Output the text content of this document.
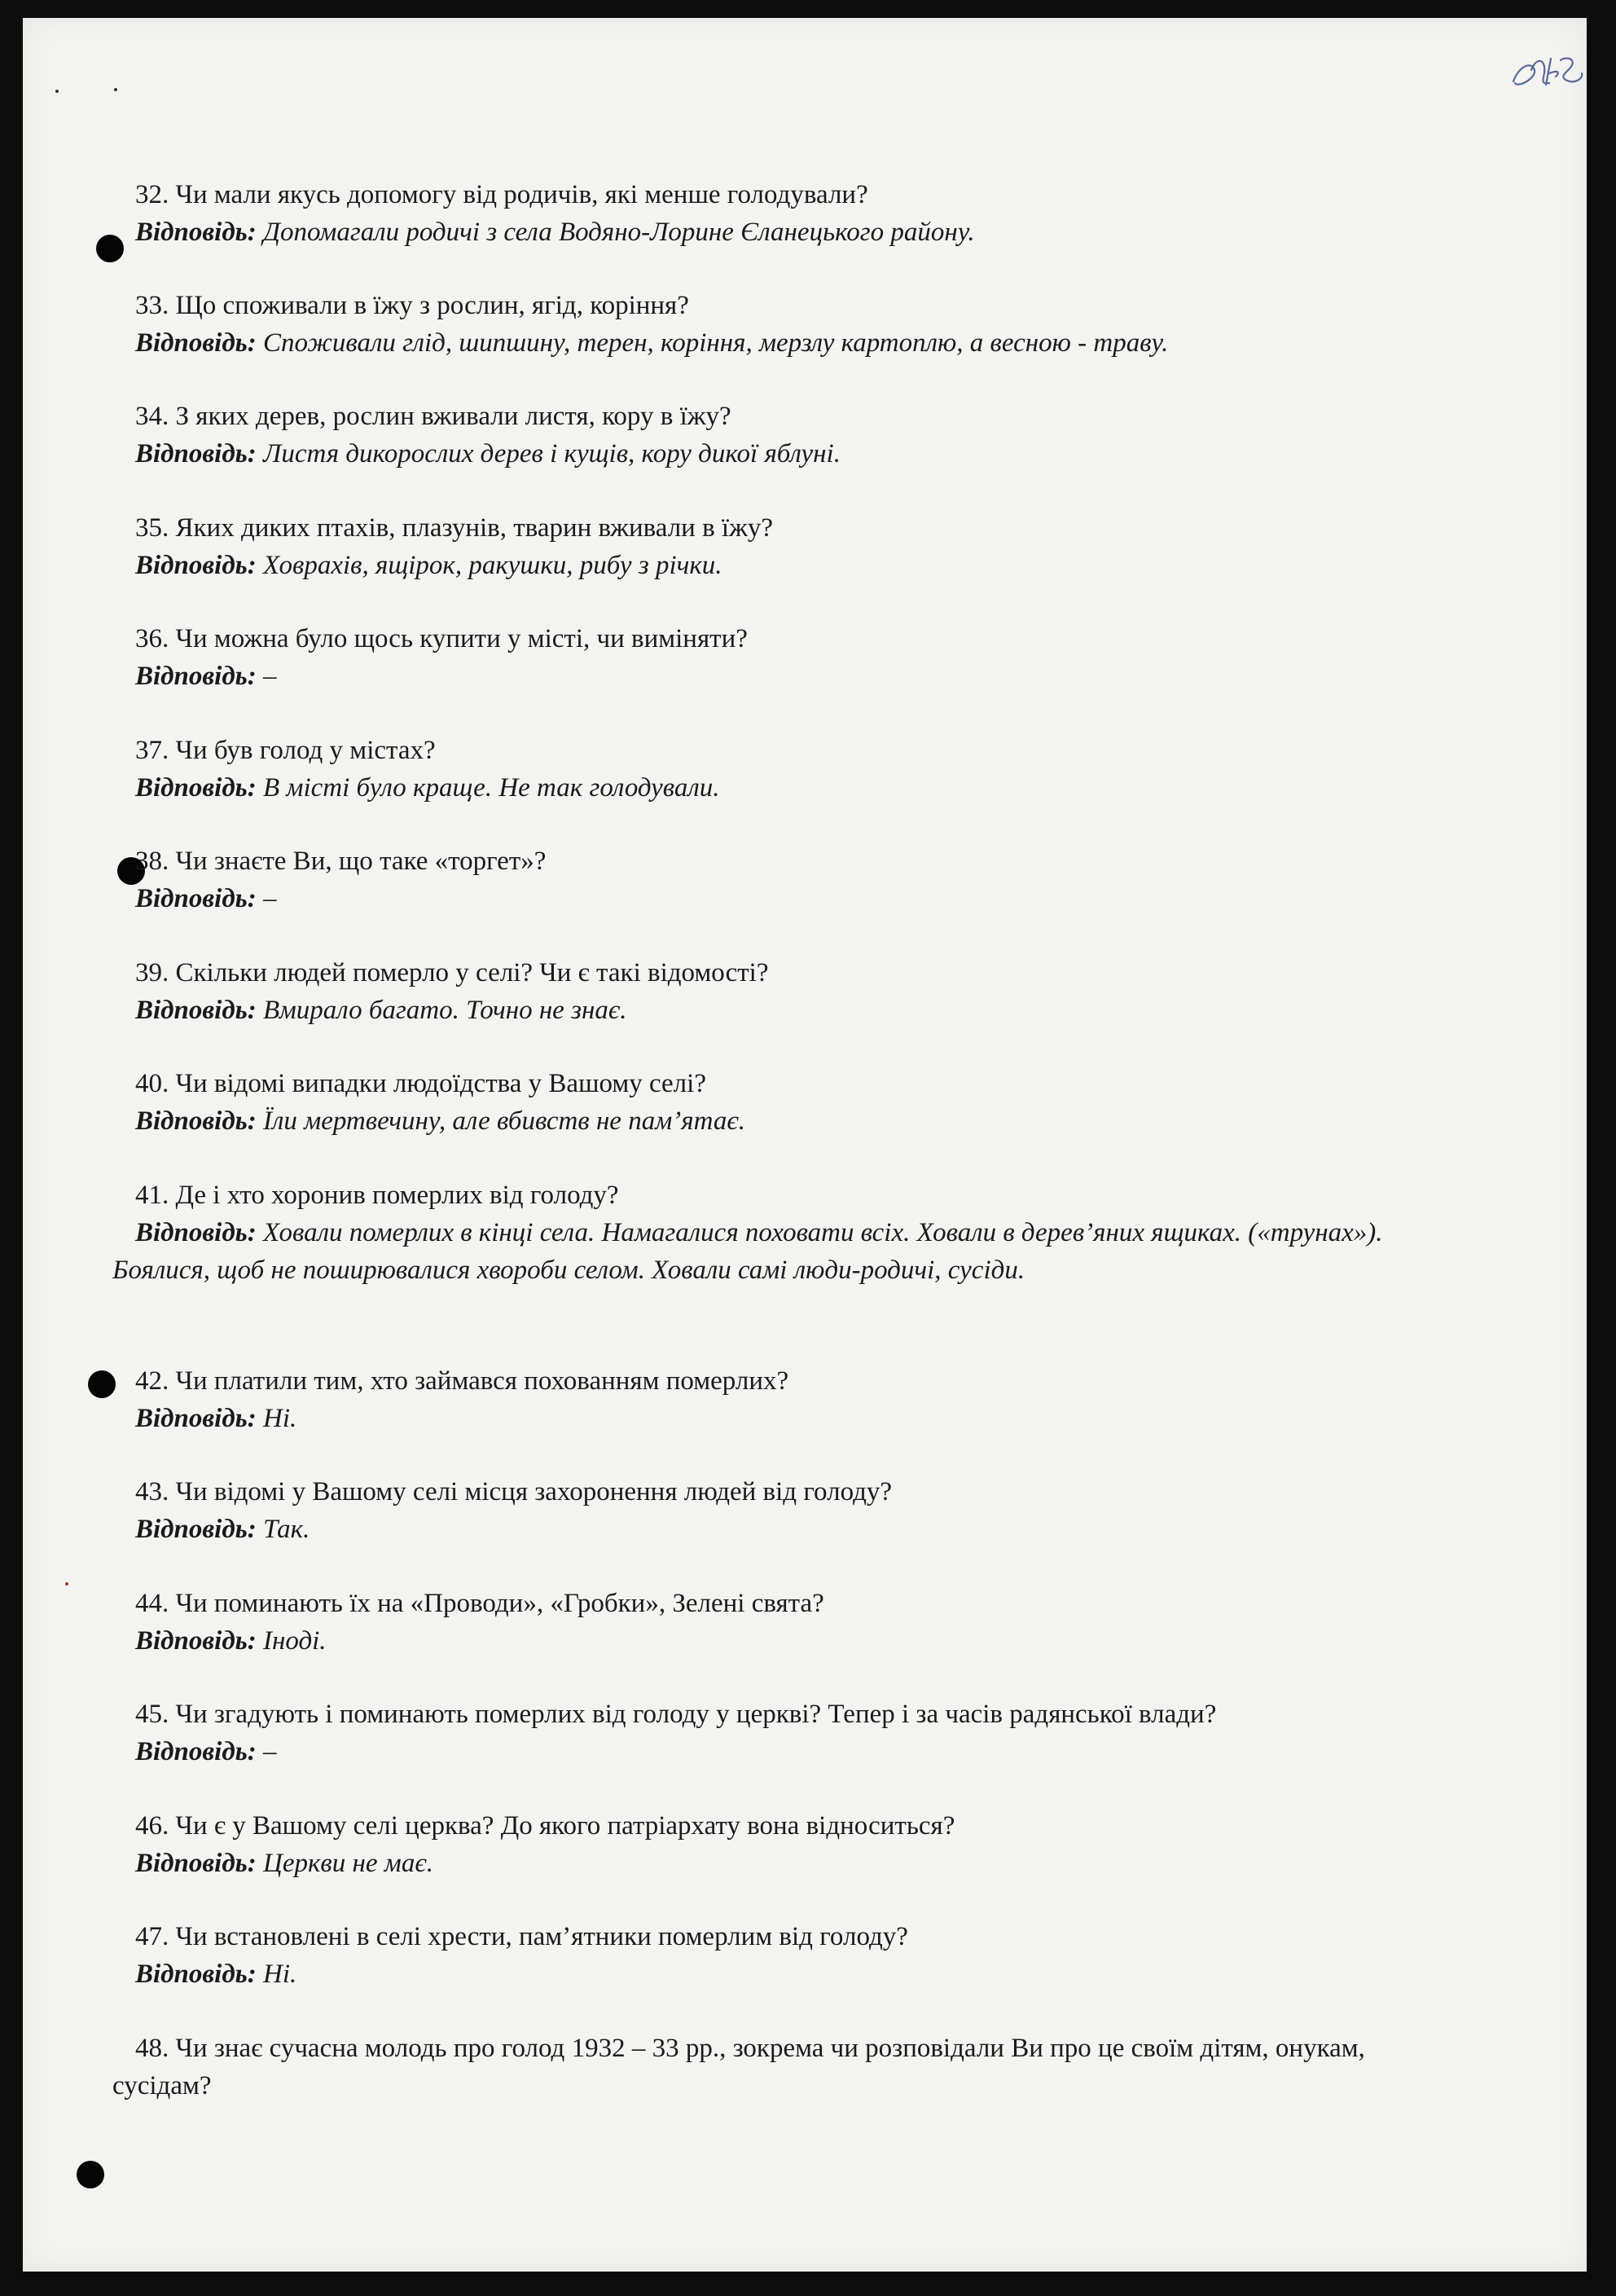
32. Чи мали якусь допомогу від родичів, які менше голодували?

Відповідь: Допомагали родичі з села Водяно-Лорине Єланецького району.

33. Що споживали в їжу з рослин, ягід, коріння?

Відповідь: Споживали глід, шипшину, терен, коріння, мерзлу картоплю, а весною - траву.

34. З яких дерев, рослин вживали листя, кору в їжу?

Відповідь: Листя дикорослих дерев і кущів, кору дикої яблуні.

35. Яких диких птахів, плазунів, тварин вживали в їжу?

Відповідь: Ховрахів, ящірок, ракушки, рибу з річки.

36. Чи можна було щось купити у місті, чи виміняти?

Відповідь: –

37. Чи був голод у містах?

Відповідь: В місті було краще. Не так голодували.

38. Чи знаєте Ви, що таке «торгет»?

Відповідь: –

39. Скільки людей померло у селі? Чи є такі відомості?

Відповідь: Вмирало багато. Точно не знає.

40. Чи відомі випадки людоїдства у Вашому селі?

Відповідь: Їли мертвечину, але вбивств не пам’ятає.

41. Де і хто хоронив померлих від голоду?

Відповідь: Ховали померлих в кінці села. Намагалися поховати всіх. Ховали в дерев’яних ящиках. («трунах»). Боялися, щоб не поширювалися хвороби селом. Ховали самі люди-родичі, сусіди.

42. Чи платили тим, хто займався похованням померлих?

Відповідь: Ні.

43. Чи відомі у Вашому селі місця захоронення людей від голоду?

Відповідь: Так.

44. Чи поминають їх на «Проводи», «Гробки», Зелені свята?

Відповідь: Іноді.

45. Чи згадують і поминають померлих від голоду у церкві? Тепер і за часів радянської влади?

Відповідь: –

46. Чи є у Вашому селі церква? До якого патріархату вона відноситься?

Відповідь: Церкви не має.

47. Чи встановлені в селі хрести, пам’ятники померлим від голоду?

Відповідь: Ні.

48. Чи знає сучасна молодь про голод 1932 – 33 рр., зокрема чи розповідали Ви про це своїм дітям, онукам, сусідам?
